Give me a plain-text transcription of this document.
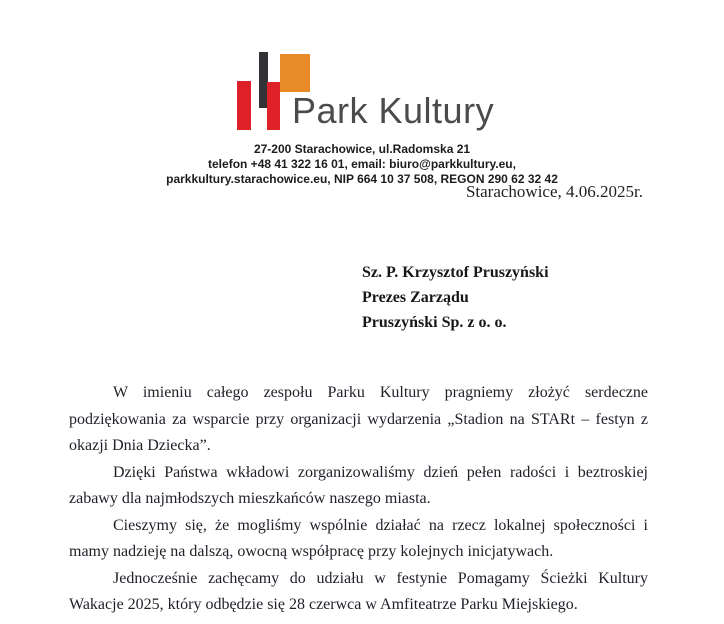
Park Kultury
27-200 Starachowice, ul.Radomska 21
telefon +48 41 322 16 01, email: biuro@parkkultury.eu,
parkkultury.starachowice.eu, NIP 664 10 37 508, REGON 290 62 32 42
Starachowice, 4.06.2025r.
Sz. P. Krzysztof Pruszyński
Prezes Zarządu
Pruszyński Sp. z o. o.

W imieniu całego zespołu Parku Kultury pragniemy złożyć serdeczne podziękowania za wsparcie przy organizacji wydarzenia „Stadion na STARt – festyn z okazji Dnia Dziecka”.

Dzięki Państwa wkładowi zorganizowaliśmy dzień pełen radości i beztroskiej zabawy dla najmłodszych mieszkańców naszego miasta.

Cieszymy się, że mogliśmy wspólnie działać na rzecz lokalnej społeczności i mamy nadzieję na dalszą, owocną współpracę przy kolejnych inicjatywach.

Jednocześnie zachęcamy do udziału w festynie Pomagamy Ścieżki Kultury Wakacje 2025, który odbędzie się 28 czerwca w Amfiteatrze Parku Miejskiego.
